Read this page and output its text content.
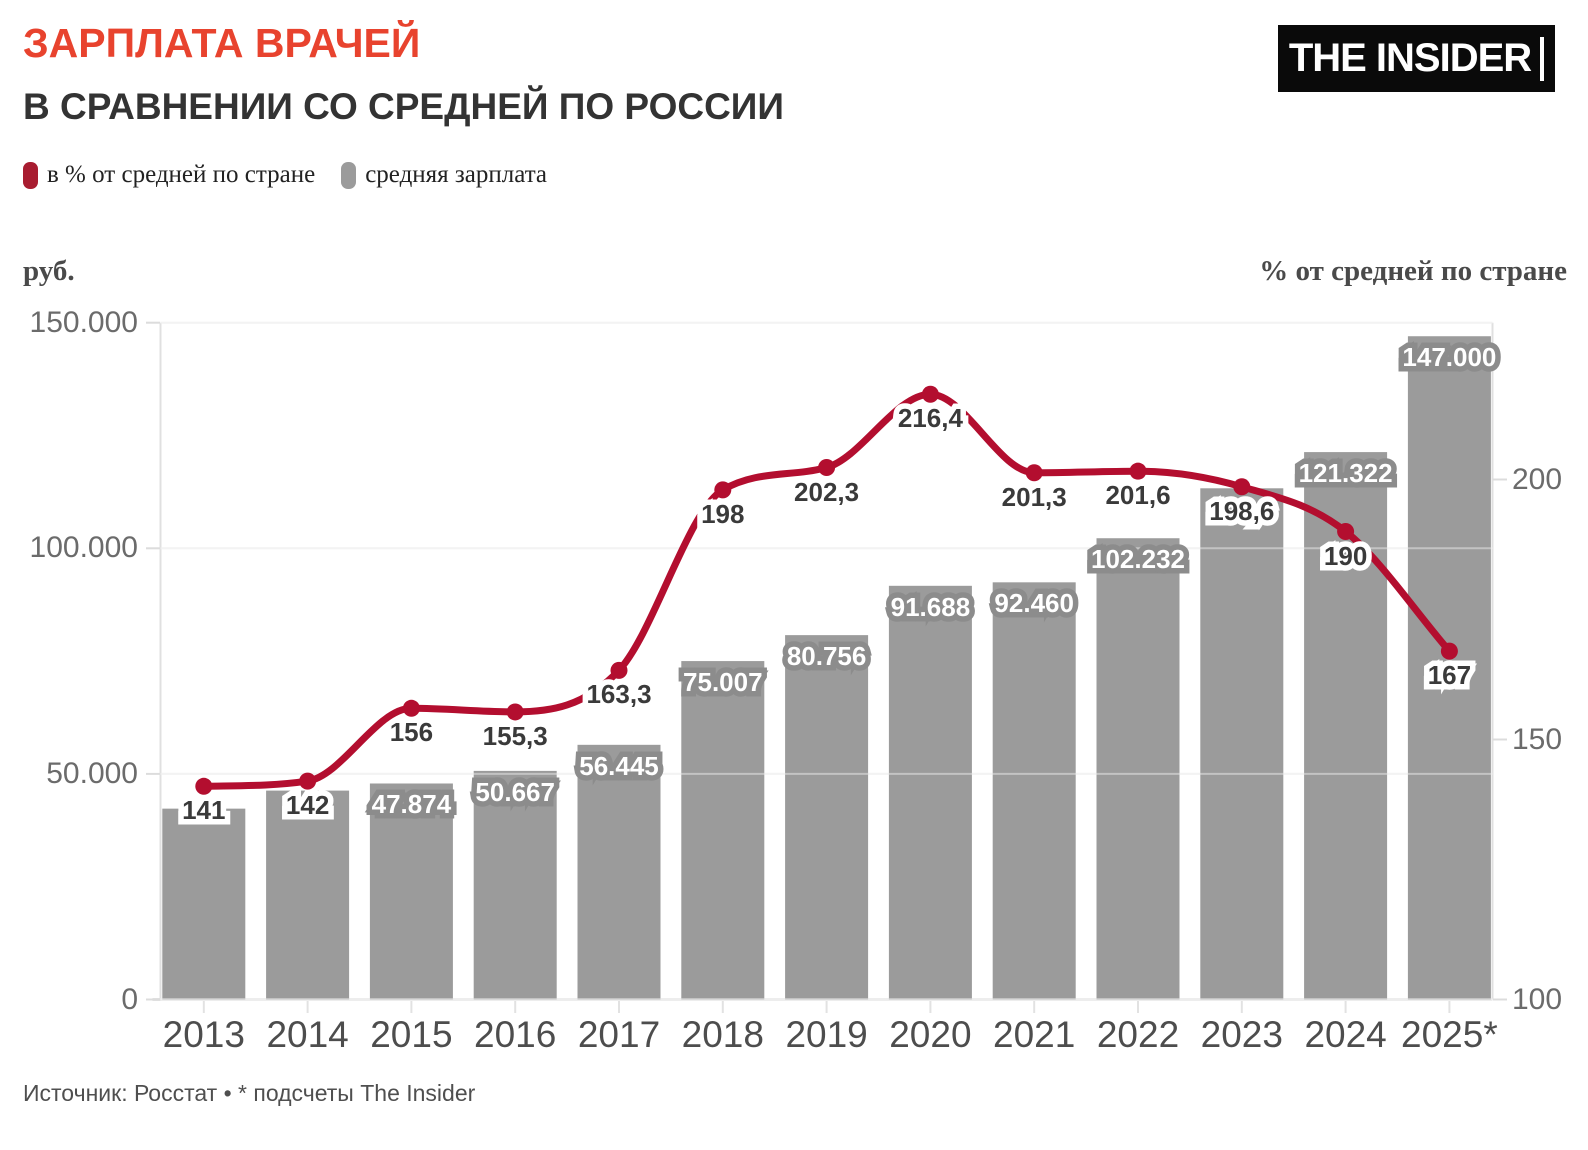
ЗАРПЛАТА ВРАЧЕЙ
В СРАВНЕНИИ СО СРЕДНЕЙ ПО РОССИИ
THE INSIDER
в % от средней по стране средняя зарплата
руб.	% от средней по стране
150.000
100.000
50.000
0
200
150
100
2013 2014 2015 2016 2017 2018 2019 2020 2021 2022 2023 2024 2025*
47.874 47.874 50.667 50.667
56.445 56.445
75.007 75.007
80.756 80.756
91.688 91.688 92.460 92.460
102.232 102.232
121.322 121.322
147.000 147.000
141 141 142 142
156 156 155,3 155,3
163,3 163,3
198 198
202,3 202,3
216,4 216,4
201,3 201,3 201,6 201,6
198,6 198,6
190 190
167 167
Источник: Росстат • * подсчеты The Insider
